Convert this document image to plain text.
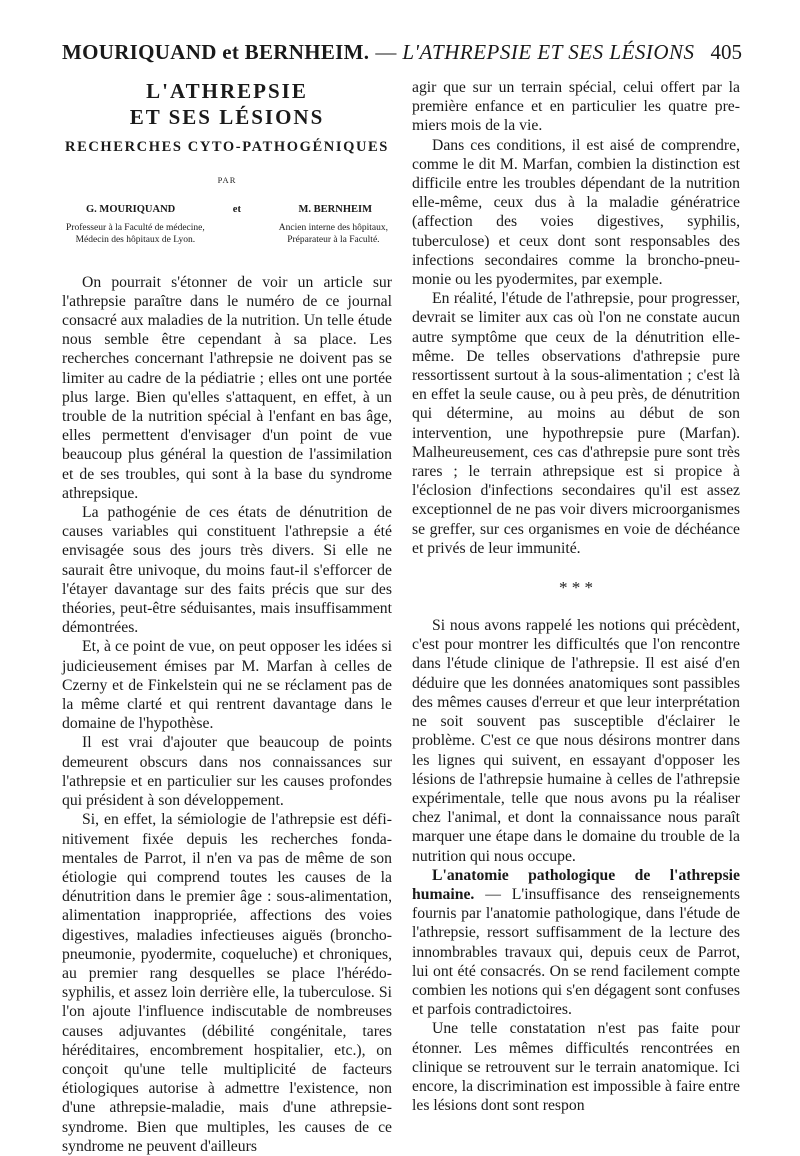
MOURIQUAND et BERNHEIM. — L'ATHREPSIE ET SES LÉSIONS 405
L'ATHREPSIE
ET SES LÉSIONS
RECHERCHES CYTO-PATHOGÉNIQUES
PAR
G. MOURIQUAND	et	M. BERNHEIM
Professeur à la Faculté de médecine,
Médecin des hôpitaux de Lyon.
Ancien interne des hôpitaux,
Préparateur à la Faculté.

On pourrait s'étonner de voir un article sur l'athrepsie paraître dans le numéro de ce journal consacré aux maladies de la nutrition. Un telle étude nous semble être cependant à sa place. Les recherches concernant l'athrepsie ne doivent pas se limiter au cadre de la pédiatrie ; elles ont une portée plus large. Bien qu'elles s'attaquent, en effet, à un trouble de la nutrition spécial à l'enfant en bas âge, elles permettent d'envisager d'un point de vue beaucoup plus général la question de l'assimilation et de ses troubles, qui sont à la base du syndrome athrepsique.

La pathogénie de ces états de dénutrition de causes variables qui constituent l'athrepsie a été envisagée sous des jours très divers. Si elle ne saurait être univoque, du moins faut-il s'efforcer de l'étayer davantage sur des faits précis que sur des théories, peut-être séduisantes, mais insuffisamment démontrées.

Et, à ce point de vue, on peut opposer les idées si judicieusement émises par M. Marfan à celles de Czerny et de Finkelstein qui ne se réclament pas de la même clarté et qui rentrent davantage dans le domaine de l'hypothèse.

Il est vrai d'ajouter que beaucoup de points demeurent obscurs dans nos connaissances sur l'athrepsie et en particulier sur les causes profondes qui président à son développement.

Si, en effet, la sémiologie de l'athrepsie est définitivement fixée depuis les recherches fondamentales de Parrot, il n'en va pas de même de son étiologie qui comprend toutes les causes de la dénutrition dans le premier âge : sous-alimentation, alimentation inappropriée, affections des voies digestives, maladies infectieuses aiguës (broncho-pneumonie, pyodermite, coqueluche) et chroniques, au premier rang desquelles se place l'hérédo-syphilis, et assez loin derrière elle, la tuberculose. Si l'on ajoute l'influence indiscutable de nombreuses causes adjuvantes (débilité congénitale, tares héréditaires, encombrement hospitalier, etc.), on conçoit qu'une telle multiplicité de facteurs étiologiques autorise à admettre l'existence, non d'une athrepsie-maladie, mais d'une athrepsie-syndrome. Bien que multiples, les causes de ce syndrome ne peuvent d'ailleurs

agir que sur un terrain spécial, celui offert par la première enfance et en particulier les quatre premiers mois de la vie.

Dans ces conditions, il est aisé de comprendre, comme le dit M. Marfan, combien la distinction est difficile entre les troubles dépendant de la nutrition elle-même, ceux dus à la maladie génératrice (affection des voies digestives, syphilis, tuberculose) et ceux dont sont responsables des infections secondaires comme la broncho-pneumonie ou les pyodermites, par exemple.

En réalité, l'étude de l'athrepsie, pour progresser, devrait se limiter aux cas où l'on ne constate aucun autre symptôme que ceux de la dénutrition elle-même. De telles observations d'athrepsie pure ressortissent surtout à la sous-alimentation ; c'est là en effet la seule cause, ou à peu près, de dénutrition qui détermine, au moins au début de son intervention, une hypothrepsie pure (Marfan). Malheureusement, ces cas d'athrepsie pure sont très rares ; le terrain athrepsique est si propice à l'éclosion d'infections secondaires qu'il est assez exceptionnel de ne pas voir divers microorganismes se greffer, sur ces organismes en voie de déchéance et privés de leur immunité.

* * *

Si nous avons rappelé les notions qui précèdent, c'est pour montrer les difficultés que l'on rencontre dans l'étude clinique de l'athrepsie. Il est aisé d'en déduire que les données anatomiques sont passibles des mêmes causes d'erreur et que leur interprétation ne soit souvent pas susceptible d'éclairer le problème. C'est ce que nous désirons montrer dans les lignes qui suivent, en essayant d'opposer les lésions de l'athrepsie humaine à celles de l'athrepsie expérimentale, telle que nous avons pu la réaliser chez l'animal, et dont la connaissance nous paraît marquer une étape dans le domaine du trouble de la nutrition qui nous occupe.

L'anatomie pathologique de l'athrepsie humaine. — L'insuffisance des renseignements fournis par l'anatomie pathologique, dans l'étude de l'athrepsie, ressort suffisamment de la lecture des innombrables travaux qui, depuis ceux de Parrot, lui ont été consacrés. On se rend facilement compte combien les notions qui s'en dégagent sont confuses et parfois contradictoires.

Une telle constatation n'est pas faite pour étonner. Les mêmes difficultés rencontrées en clinique se retrouvent sur le terrain anatomique. Ici encore, la discrimination est impossible à faire entre les lésions dont sont respon
